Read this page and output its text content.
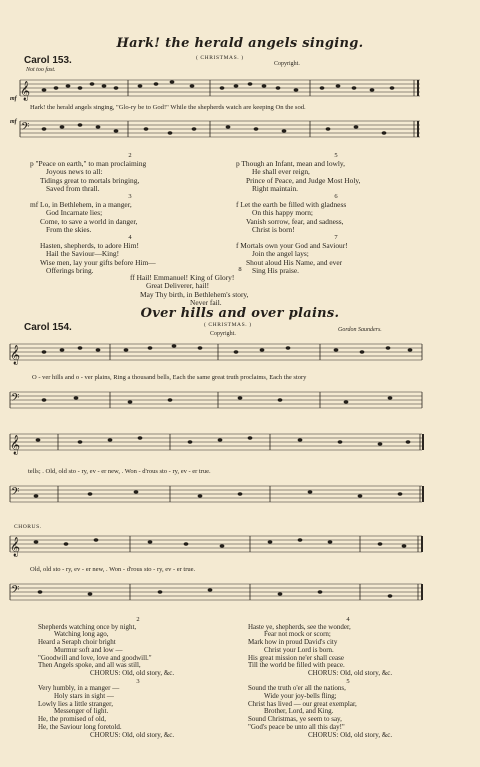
Hark! the herald angels singing.
( CHRISTMAS. )
Carol 153.	Copyright.
Not too fast.
𝄞
mf
Hark! the herald angels singing, "Glo-ry be to God!" While the shepherds watch are keeping On the sod.
𝄢
mf
2
p "Peace on earth," to man proclaiming
Joyous news to all:
Tidings great to mortals bringing,
Saved from thrall.
3
mf Lo, in Bethlehem, in a manger,
God Incarnate lies;
Come, to save a world in danger,
From the skies.
4
Hasten, shepherds, to adore Him!
Hail the Saviour—King!
Wise men, lay your gifts before Him—
Offerings bring.
5
p Though an Infant, mean and lowly,
He shall ever reign,
Prince of Peace, and Judge Most Holy,
Right maintain.
6
f Let the earth be filled with gladness
On this happy morn;
Vanish sorrow, fear, and sadness,
Christ is born!
7
f Mortals own your God and Saviour!
Join the angel lays;
Shout aloud His Name, and ever
Sing His praise.
8
ff Hail! Emmanuel! King of Glory!
Great Deliverer, hail!
May Thy birth, in Bethlehem's story,
Never fail.
Over hills and over plains.
Carol 154.	( CHRISTMAS. )
Copyright.
Gordon Saunders.
𝄞
O - ver hills and o - ver plains, Ring a thousand bells, Each the same great truth proclaims, Each the story
𝄢
𝄞
tells; . Old, old sto - ry, ev - er new, . Won - d'rous sto - ry, ev - er true.
𝄢
CHORUS.
𝄞
Old, old sto - ry, ev - er new, . Won - d'rous sto - ry, ev - er true.
𝄢
2
Shepherds watching once by night,
Watching long ago,
Heard a Seraph choir bright
Murmur soft and low —
"Goodwill and love, love and goodwill."
Then Angels spoke, and all was still,
CHORUS: Old, old story, &c.
3
Very humbly, in a manger —
Holy stars in sight —
Lowly lies a little stranger,
Messenger of light.
He, the promised of old,
He, the Saviour long foretold.
CHORUS: Old, old story, &c.
4
Haste ye, shepherds, see the wonder,
Fear not mock or scorn;
Mark how in proud David's city
Christ your Lord is born.
His great mission ne'er shall cease
Till the world be filled with peace.
CHORUS: Old, old story, &c.
5
Sound the truth o'er all the nations,
Wide your joy-bells fling;
Christ has lived — our great exemplar,
Brother, Lord, and King.
Sound Christmas, ye seem to say,
"God's peace be unto all this day!"
CHORUS: Old, old story, &c.
